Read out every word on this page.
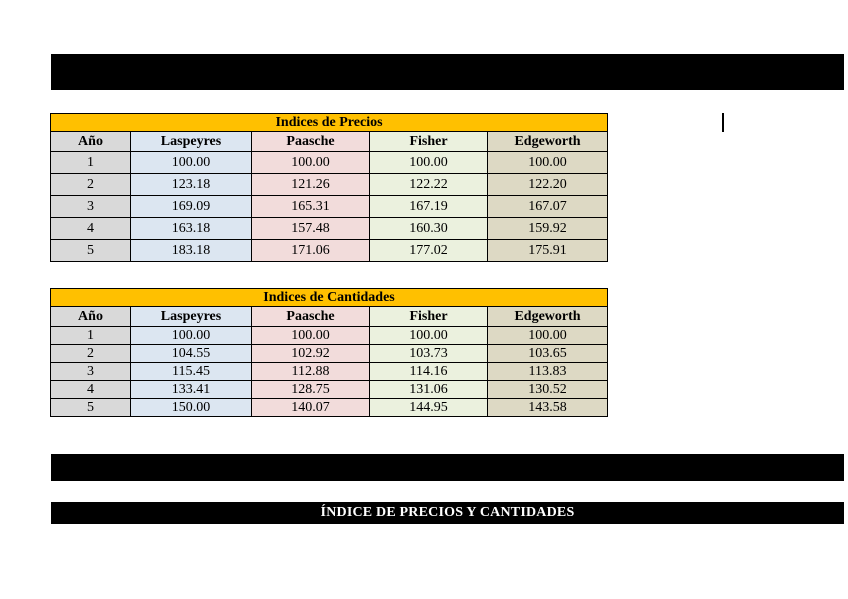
Indices de Precios				
Año	Laspeyres	Paasche	Fisher	Edgeworth
1	100.00	100.00	100.00	100.00
2	123.18	121.26	122.22	122.20
3	169.09	165.31	167.19	167.07
4	163.18	157.48	160.30	159.92
5	183.18	171.06	177.02	175.91
Indices de Cantidades				
Año	Laspeyres	Paasche	Fisher	Edgeworth
1	100.00	100.00	100.00	100.00
2	104.55	102.92	103.73	103.65
3	115.45	112.88	114.16	113.83
4	133.41	128.75	131.06	130.52
5	150.00	140.07	144.95	143.58
ÍNDICE DE PRECIOS Y CANTIDADES
